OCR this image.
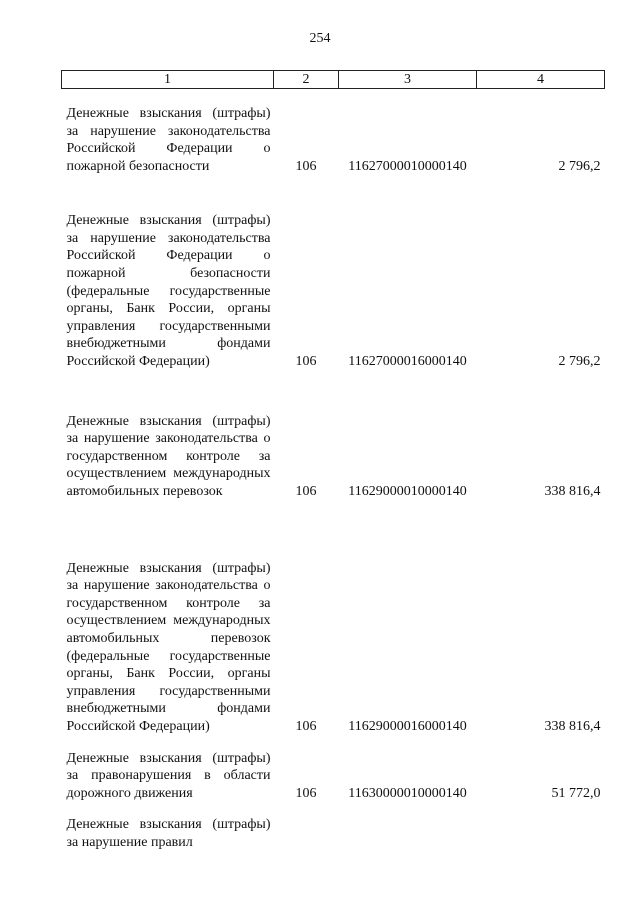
254
1	2	3	4
Денежные взыскания (штрафы) за нарушение законодательства Российской Федерации о пожарной безопасности	106	11627000010000140	2 796,2
Денежные взыскания (штрафы) за нарушение законодательства Российской Федерации о пожарной безопасности (федеральные государственные органы, Банк России, органы управления государственными внебюджетными фондами Российской Федерации)	106	11627000016000140	2 796,2
Денежные взыскания (штрафы) за нарушение законодательства о государственном контроле за осуществлением международных автомобильных перевозок	106	11629000010000140	338 816,4
Денежные взыскания (штрафы) за нарушение законодательства о государственном контроле за осуществлением международных автомобильных перевозок (федеральные государственные органы, Банк России, органы управления государственными внебюджетными фондами Российской Федерации)	106	11629000016000140	338 816,4
Денежные взыскания (штрафы) за правонарушения в области дорожного движения	106	11630000010000140	51 772,0
Денежные взыскания (штрафы) за нарушение правил			
